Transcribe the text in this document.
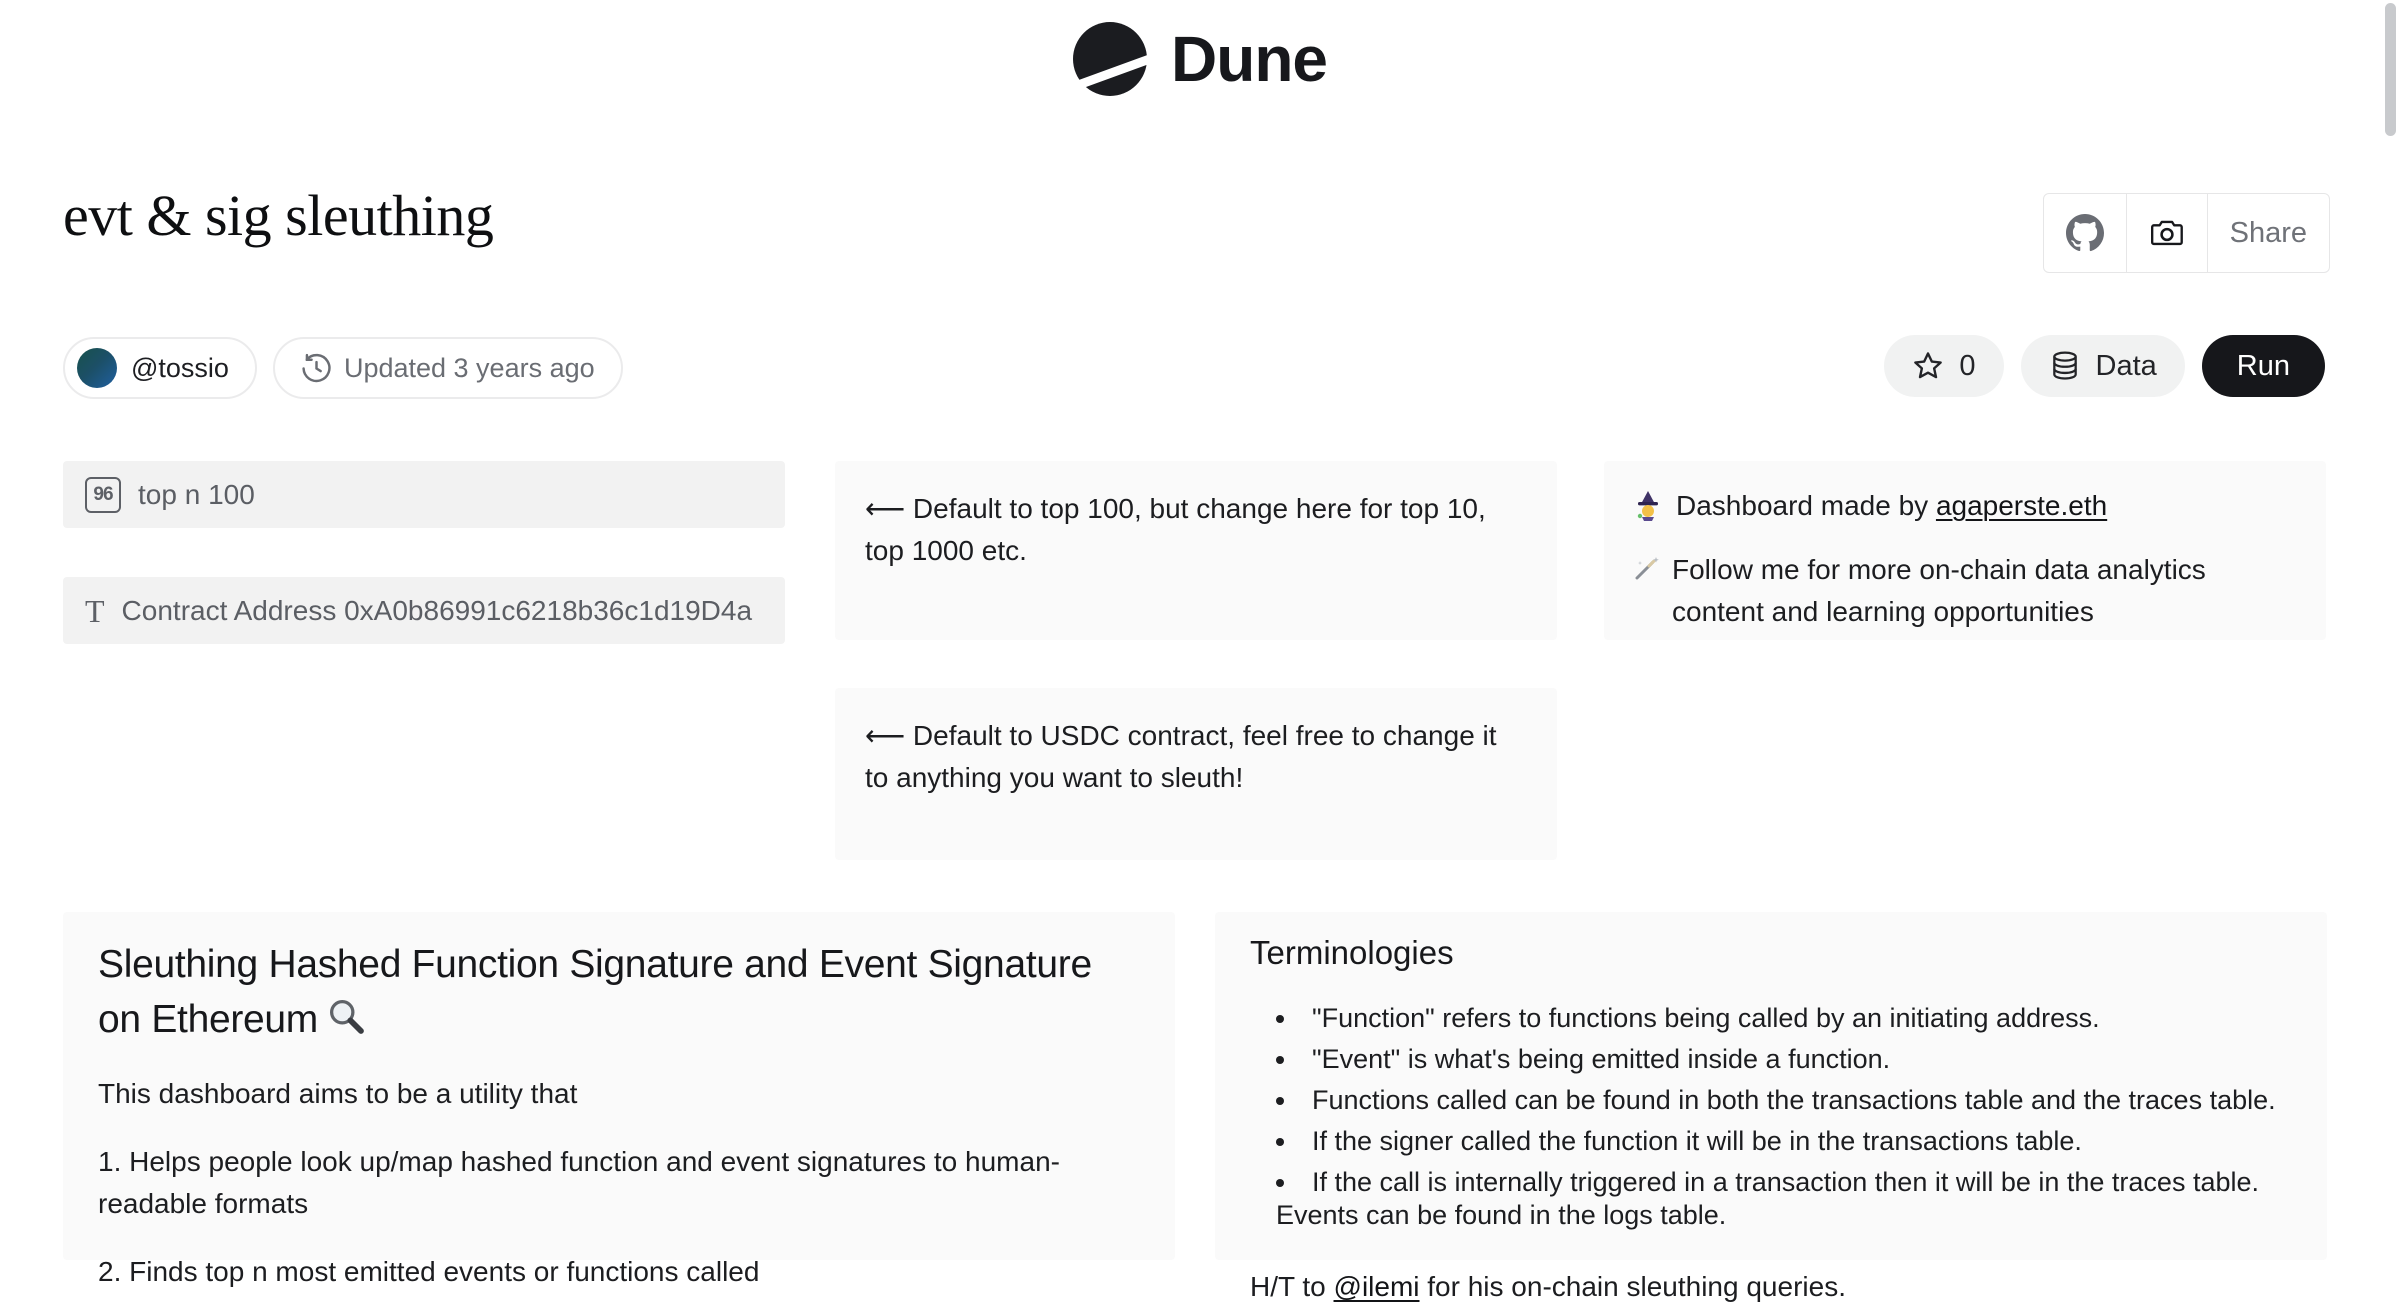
Dune
evt & sig sleuthing	Share
@tossio	Updated 3 years ago	0	Data	Run
96 top n 100
T Contract Address 0xA0b86991c6218b36c1d19D4a

⟵ Default to top 100, but change here for top 10, top 1000 etc.

Dashboard made by agaperste.eth

Follow me for more on-chain data analytics content and learning opportunities

⟵ Default to USDC contract, feel free to change it to anything you want to sleuth!

Sleuthing Hashed Function Signature and Event Signature on Ethereum

This dashboard aims to be a utility that

1. Helps people look up/map hashed function and event signatures to human-readable formats

2. Finds top n most emitted events or functions called

Terminologies
• "Function" refers to functions being called by an initiating address.
• "Event" is what's being emitted inside a function.
• Functions called can be found in both the transactions table and the traces table.
• If the signer called the function it will be in the transactions table.
• If the call is internally triggered in a transaction then it will be in the traces table. Events can be found in the logs table.

H/T to @ilemi for his on-chain sleuthing queries.
